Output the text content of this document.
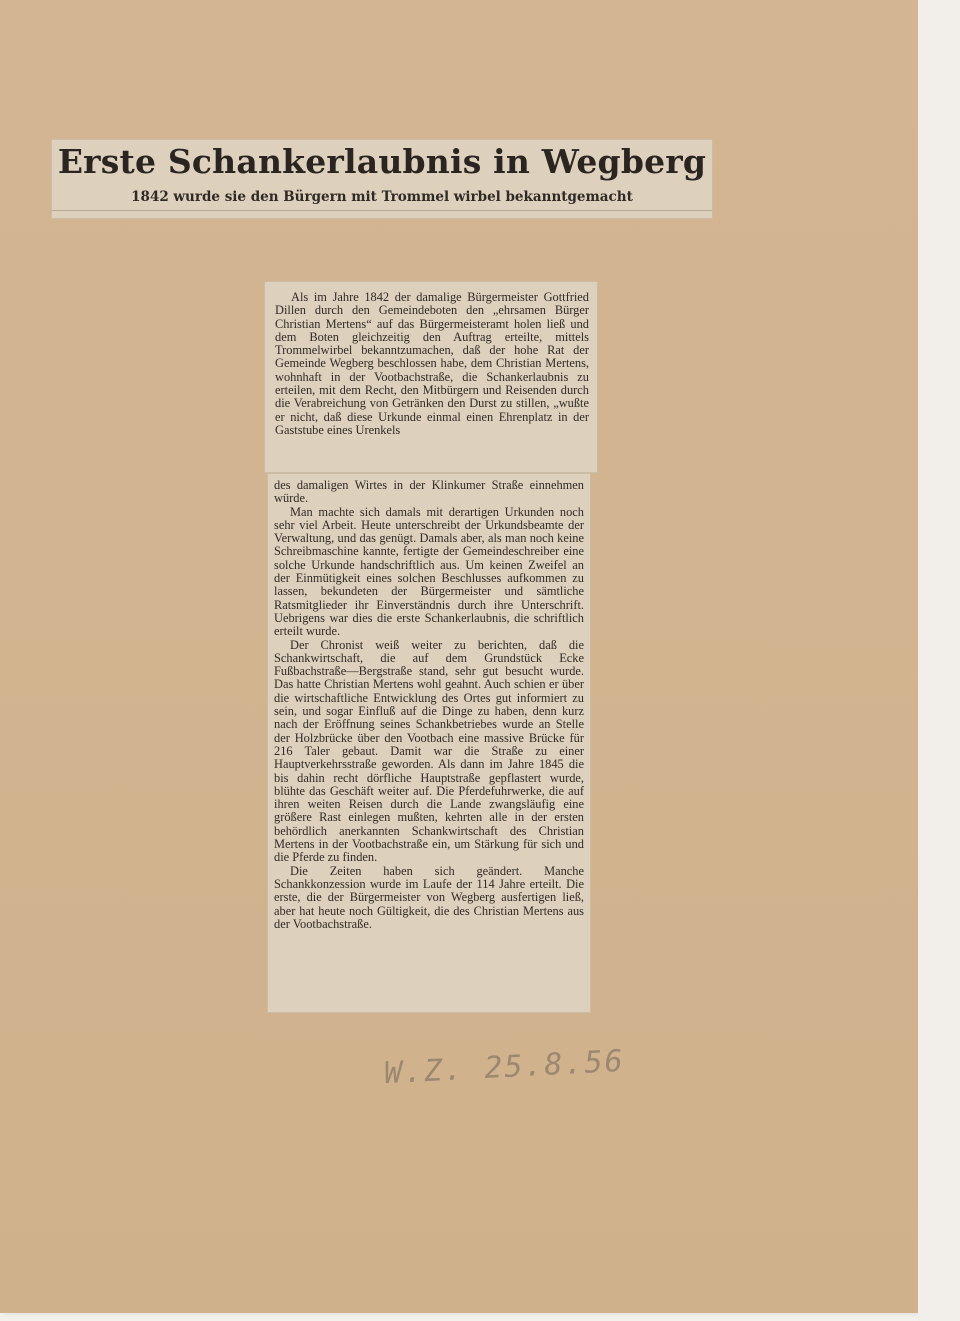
Erste Schankerlaubnis in Wegberg
1842 wurde sie den Bürgern mit Trommel wirbel bekanntgemacht

Als im Jahre 1842 der damalige Bürgermeister Gottfried Dillen durch den Gemeindeboten den „ehrsamen Bürger Christian Mertens“ auf das Bürgermeisteramt holen ließ und dem Boten gleichzeitig den Auftrag erteilte, mittels Trommelwirbel bekanntzumachen, daß der hohe Rat der Gemeinde Wegberg beschlossen habe, dem Christian Mertens, wohnhaft in der Vootbachstraße, die Schankerlaubnis zu erteilen, mit dem Recht, den Mitbürgern und Reisenden durch die Verabreichung von Getränken den Durst zu stillen, „wußte er nicht, daß diese Urkunde einmal einen Ehrenplatz in der Gaststube eines Urenkels

des damaligen Wirtes in der Klinkumer Straße einnehmen würde.

Man machte sich damals mit derartigen Urkunden noch sehr viel Arbeit. Heute unterschreibt der Urkundsbeamte der Verwaltung, und das genügt. Damals aber, als man noch keine Schreibmaschine kannte, fertigte der Gemeindeschreiber eine solche Urkunde handschriftlich aus. Um keinen Zweifel an der Einmütigkeit eines solchen Beschlusses aufkommen zu lassen, bekundeten der Bürgermeister und sämtliche Ratsmitglieder ihr Einverständnis durch ihre Unterschrift. Uebrigens war dies die erste Schankerlaubnis, die schriftlich erteilt wurde.

Der Chronist weiß weiter zu berichten, daß die Schankwirtschaft, die auf dem Grundstück Ecke Fußbachstraße—Bergstraße stand, sehr gut besucht wurde. Das hatte Christian Mertens wohl geahnt. Auch schien er über die wirtschaftliche Entwicklung des Ortes gut informiert zu sein, und sogar Einfluß auf die Dinge zu haben, denn kurz nach der Eröffnung seines Schankbetriebes wurde an Stelle der Holzbrücke über den Vootbach eine massive Brücke für 216 Taler gebaut. Damit war die Straße zu einer Hauptverkehrsstraße geworden. Als dann im Jahre 1845 die bis dahin recht dörfliche Hauptstraße gepflastert wurde, blühte das Geschäft weiter auf. Die Pferdefuhrwerke, die auf ihren weiten Reisen durch die Lande zwangsläufig eine größere Rast einlegen mußten, kehrten alle in der ersten behördlich anerkannten Schankwirtschaft des Christian Mertens in der Vootbachstraße ein, um Stärkung für sich und die Pferde zu finden.

Die Zeiten haben sich geändert. Manche Schankkonzession wurde im Laufe der 114 Jahre erteilt. Die erste, die der Bürgermeister von Wegberg ausfertigen ließ, aber hat heute noch Gültigkeit, die des Christian Mertens aus der Vootbachstraße.

W.Z. 25.8.56
